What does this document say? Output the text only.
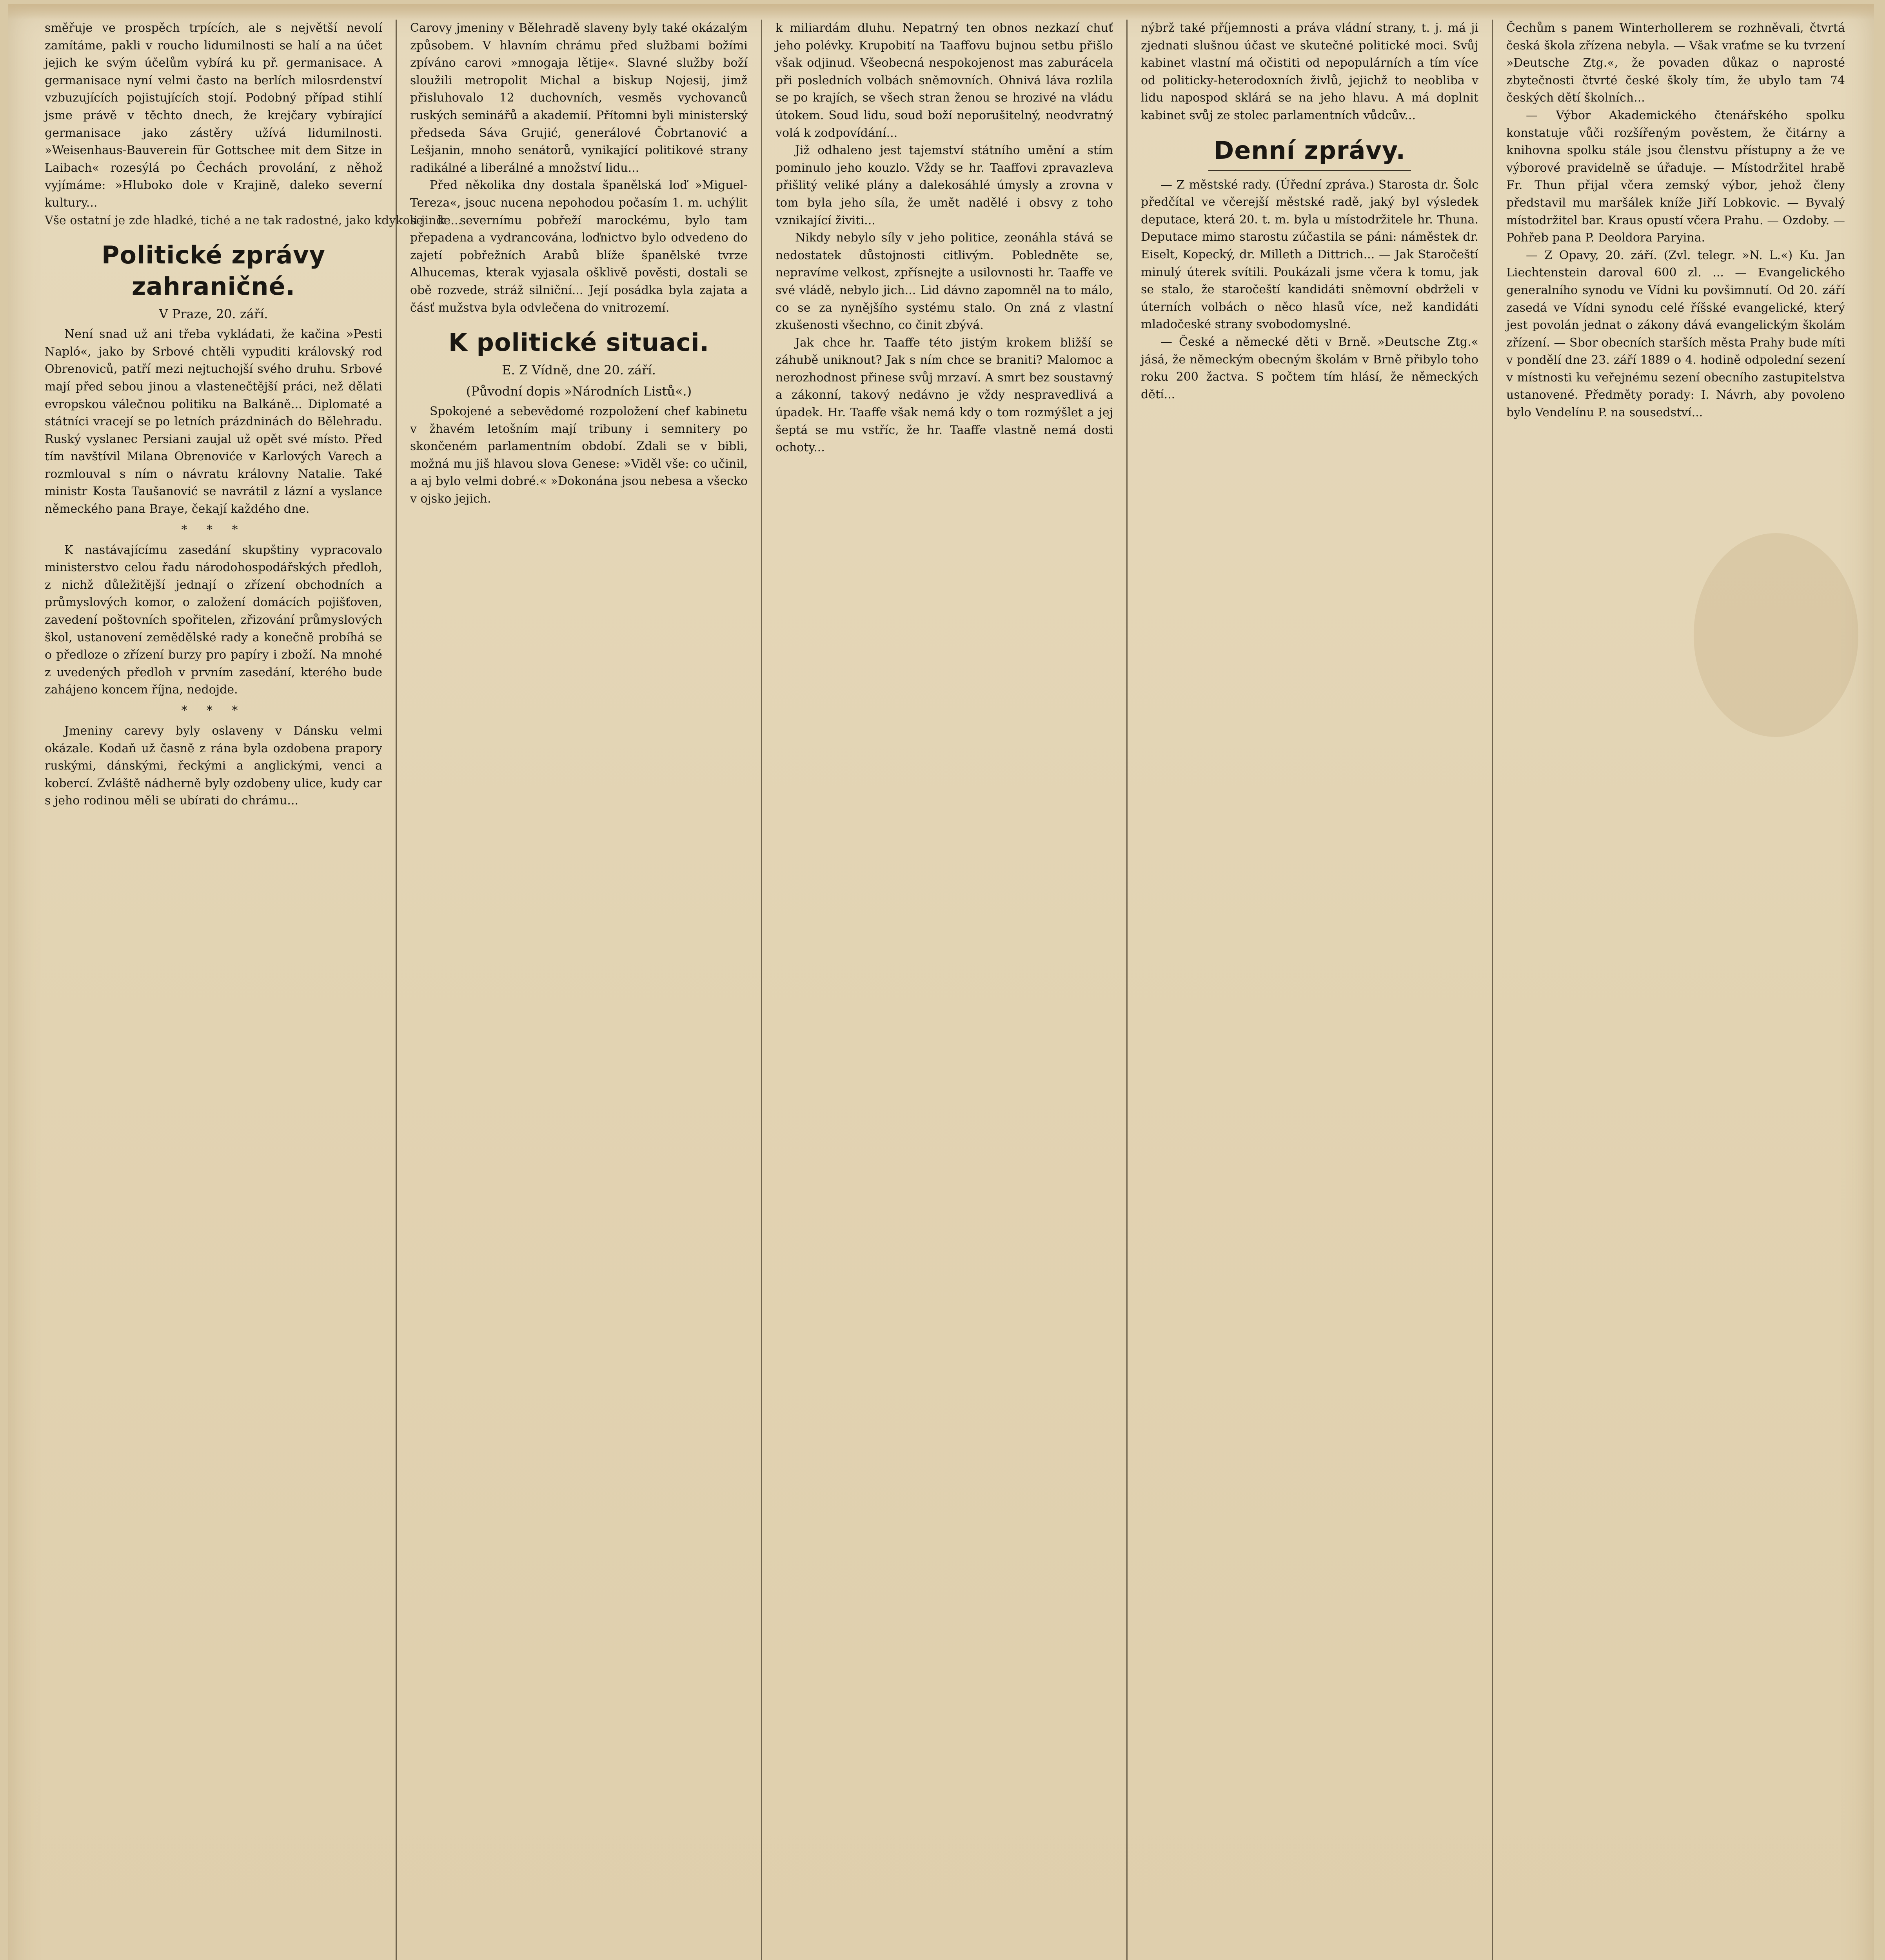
směřuje ve prospěch trpících, ale s největší nevolí zamítáme, pakli v roucho lidumilnosti se halí a na účet jejich ke svým účelům vybírá ku př. germanisace. A germanisace nyní velmi často na berlích milosrdenství vzbuzujících pojistujících stojí. Podobný případ stihlí jsme právě v těchto dnech, že krejčary vybírající germanisace jako zástěry užívá lidumilnosti. »Weisenhaus-Bauverein für Gottschee mit dem Sitze in Laibach« rozesýlá po Čechách provolání, z něhož vyjímáme: »Hluboko dole v Krajině, daleko severní kultury...

Vše ostatní je zde hladké, tiché a ne tak radostné, jako kdykoli jinde...
Politické zprávy zahraničné.
V Praze, 20. září.

Není snad už ani třeba vykládati, že kačina »Pesti Napló«, jako by Srbové chtěli vypuditi královský rod Obrenoviců, patří mezi nejtuchojší svého druhu. Srbové mají před sebou jinou a vlastenečtější práci, než dělati evropskou válečnou politiku na Balkáně... Diplomaté a státníci vracejí se po letních prázdninách do Bělehradu. Ruský vyslanec Persiani zaujal už opět své místo. Před tím navštívil Milana Obrenoviće v Karlových Varech a rozmlouval s ním o návratu královny Natalie. Také ministr Kosta Taušanović se navrátil z lázní a vyslance německého pana Braye, čekají každého dne.

* * *

K nastávajícímu zasedání skupštiny vypracovalo ministerstvo celou řadu národohospodářských předloh, z nichž důležitější jednají o zřízení obchodních a průmyslových komor, o založení domácích pojišťoven, zavedení poštovních spořitelen, zřizování průmyslových škol, ustanovení zemědělské rady a konečně probíhá se o předloze o zřízení burzy pro papíry i zboží. Na mnohé z uvedených předloh v prvním zasedání, kterého bude zahájeno koncem října, nedojde.

* * *

Jmeniny carevy byly oslaveny v Dánsku velmi okázale. Kodaň už časně z rána byla ozdobena prapory ruskými, dánskými, řeckými a anglickými, venci a kobercí. Zvláště nádherně byly ozdobeny ulice, kudy car s jeho rodinou měli se ubírati do chrámu...

Carovy jmeniny v Bělehradě slaveny byly také okázalým způsobem. V hlavním chrámu před službami božími zpíváno carovi »mnogaja lětije«. Slavné služby boží sloužili metropolit Michal a biskup Nojesij, jimž přisluhovalo 12 duchovních, vesměs vychovanců ruských seminářů a akademií. Přítomni byli ministerský předseda Sáva Grujić, generálové Čobrtanović a Lešjanin, mnoho senátorů, vynikající politikové strany radikálné a liberálné a množství lidu...

Před několika dny dostala španělská loď »Miguel-Tereza«, jsouc nucena nepohodou počasím 1. m. uchýlit se k severnímu pobřeží marockému, bylo tam přepadena a vydrancována, loďnictvo bylo odvedeno do zajetí pobřežních Arabů blíže španělské tvrze Alhucemas, kterak vyjasala ošklivě pověsti, dostali se obě rozvede, stráž silniční... Její posádka byla zajata a čásť mužstva byla odvlečena do vnitrozemí.

K politické situaci.
E. Z Vídně, dne 20. září.
(Původní dopis »Národních Listů«.)

Spokojené a sebevědomé rozpoložení chef kabinetu v žhavém letošním mají tribuny i semnitery po skončeném parlamentním období. Zdali se v bibli, možná mu jiš hlavou slova Genese: »Viděl vše: co učinil, a aj bylo velmi dobré.« »Dokonána jsou nebesa a všecko v ojsko jejich.

k miliardám dluhu. Nepatrný ten obnos nezkazí chuť jeho polévky. Krupobití na Taaffovu bujnou setbu přišlo však odjinud. Všeobecná nespokojenost mas zaburácela při posledních volbách sněmovních. Ohnivá láva rozlila se po krajích, se všech stran ženou se hrozivé na vládu útokem. Soud lidu, soud boží neporušitelný, neodvratný volá k zodpovídání...

Již odhaleno jest tajemství státního umění a stím pominulo jeho kouzlo. Vždy se hr. Taaffovi zpravazleva přišlitý veliké plány a dalekosáhlé úmysly a zrovna v tom byla jeho síla, že umět nadělé i obsvy z toho vznikající živiti...

Nikdy nebylo síly v jeho politice, zeonáhla stává se nedostatek důstojnosti citlivým. Pobledněte se, nepravíme velkost, zpřísnejte a usilovnosti hr. Taaffe ve své vládě, nebylo jich... Lid dávno zapomněl na to málo, co se za nynějšího systému stalo. On zná z vlastní zkušenosti všechno, co činit zbývá.

Jak chce hr. Taaffe této jistým krokem bližší se záhubě uniknout? Jak s ním chce se braniti? Malomoc a nerozhodnost přinese svůj mrzaví. A smrt bez soustavný a zákonní, takový nedávno je vždy nespravedlivá a úpadek. Hr. Taaffe však nemá kdy o tom rozmýšlet a jej šeptá se mu vstříc, že hr. Taaffe vlastně nemá dosti ochoty...

nýbrž také příjemnosti a práva vládní strany, t. j. má ji zjednati slušnou účast ve skutečné politické moci. Svůj kabinet vlastní má očistiti od nepopulárních a tím více od politicky-heterodoxních živlů, jejichž to neobliba v lidu napospod sklárá se na jeho hlavu. A má doplnit kabinet svůj ze stolec parlamentních vůdcův...

Denní zprávy.

— Z městské rady. (Úřední zpráva.) Starosta dr. Šolc předčítal ve včerejší městské radě, jaký byl výsledek deputace, která 20. t. m. byla u místodržitele hr. Thuna. Deputace mimo starostu zúčastila se páni: náměstek dr. Eiselt, Kopecký, dr. Milleth a Dittrich... — Jak Staročeští minulý úterek svítili. Poukázali jsme včera k tomu, jak se stalo, že staročeští kandidáti sněmovní obdrželi v úterních volbách o něco hlasů více, než kandidáti mladočeské strany svobodomyslné.

— České a německé děti v Brně. »Deutsche Ztg.« jásá, že německým obecným školám v Brně přibylo toho roku 200 žactva. S počtem tím hlásí, že německých dětí...

Čechům s panem Winterhollerem se rozhněvali, čtvrtá česká škola zřízena nebyla. — Však vraťme se ku tvrzení »Deutsche Ztg.«, že povaden důkaz o naprosté zbytečnosti čtvrté české školy tím, že ubylo tam 74 českých dětí školních...

— Výbor Akademického čtenářského spolku konstatuje vůči rozšířeným pověstem, že čitárny a knihovna spolku stále jsou členstvu přístupny a že ve výborové pravidelně se úřaduje. — Místodržitel hrabě Fr. Thun přijal včera zemský výbor, jehož členy představil mu maršálek kníže Jiří Lobkovic. — Byvalý místodržitel bar. Kraus opustí včera Prahu. — Ozdoby. — Pohřeb pana P. Deoldora Paryina.

— Z Opavy, 20. září. (Zvl. telegr. »N. L.«) Ku. Jan Liechtenstein daroval 600 zl. ... — Evangelického generalního synodu ve Vídni ku povšimnutí. Od 20. září zasedá ve Vídni synodu celé říšské evangelické, který jest povolán jednat o zákony dává evangelickým školám zřízení. — Sbor obecních starších města Prahy bude míti v pondělí dne 23. září 1889 o 4. hodině odpolední sezení v místnosti ku veřejnému sezení obecního zastupitelstva ustanovené. Předměty porady: I. Návrh, aby povoleno bylo Vendelínu P. na sousedství...
